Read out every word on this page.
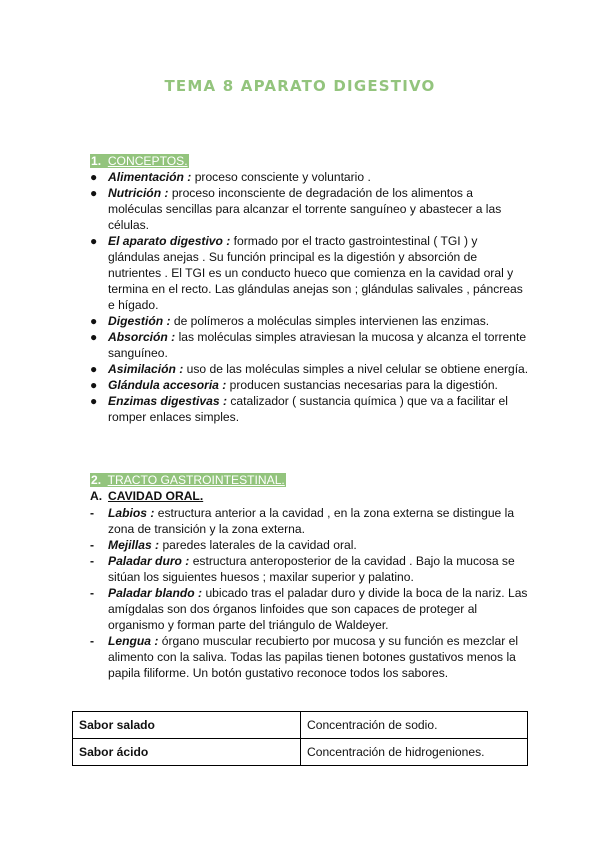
TEMA 8 APARATO DIGESTIVO
1. CONCEPTOS.
● Alimentación : proceso consciente y voluntario .
● Nutrición : proceso inconsciente de degradación de los alimentos a moléculas sencillas para alcanzar el torrente sanguíneo y abastecer a las células.
● El aparato digestivo : formado por el tracto gastrointestinal ( TGI ) y glándulas anejas . Su función principal es la digestión y absorción de nutrientes . El TGI es un conducto hueco que comienza en la cavidad oral y termina en el recto. Las glándulas anejas son ; glándulas salivales , páncreas e hígado.
● Digestión : de polímeros a moléculas simples intervienen las enzimas.
● Absorción : las moléculas simples atraviesan la mucosa y alcanza el torrente sanguíneo.
● Asimilación : uso de las moléculas simples a nivel celular se obtiene energía.
● Glándula accesoria : producen sustancias necesarias para la digestión.
● Enzimas digestivas : catalizador ( sustancia química ) que va a facilitar el romper enlaces simples.
2. TRACTO GASTROINTESTINAL.
A. CAVIDAD ORAL.
-	Labios : estructura anterior a la cavidad , en la zona externa se distingue la zona de transición y la zona externa.
-	Mejillas : paredes laterales de la cavidad oral.
-	Paladar duro : estructura anteroposterior de la cavidad . Bajo la mucosa se sitúan los siguientes huesos ; maxilar superior y palatino.
-	Paladar blando : ubicado tras el paladar duro y divide la boca de la nariz. Las amígdalas son dos órganos linfoides que son capaces de proteger al organismo y forman parte del triángulo de Waldeyer.
-	Lengua : órgano muscular recubierto por mucosa y su función es mezclar el alimento con la saliva. Todas las papilas tienen botones gustativos menos la papila filiforme. Un botón gustativo reconoce todos los sabores.
Sabor salado	Concentración de sodio.
Sabor ácido	Concentración de hidrogeniones.
